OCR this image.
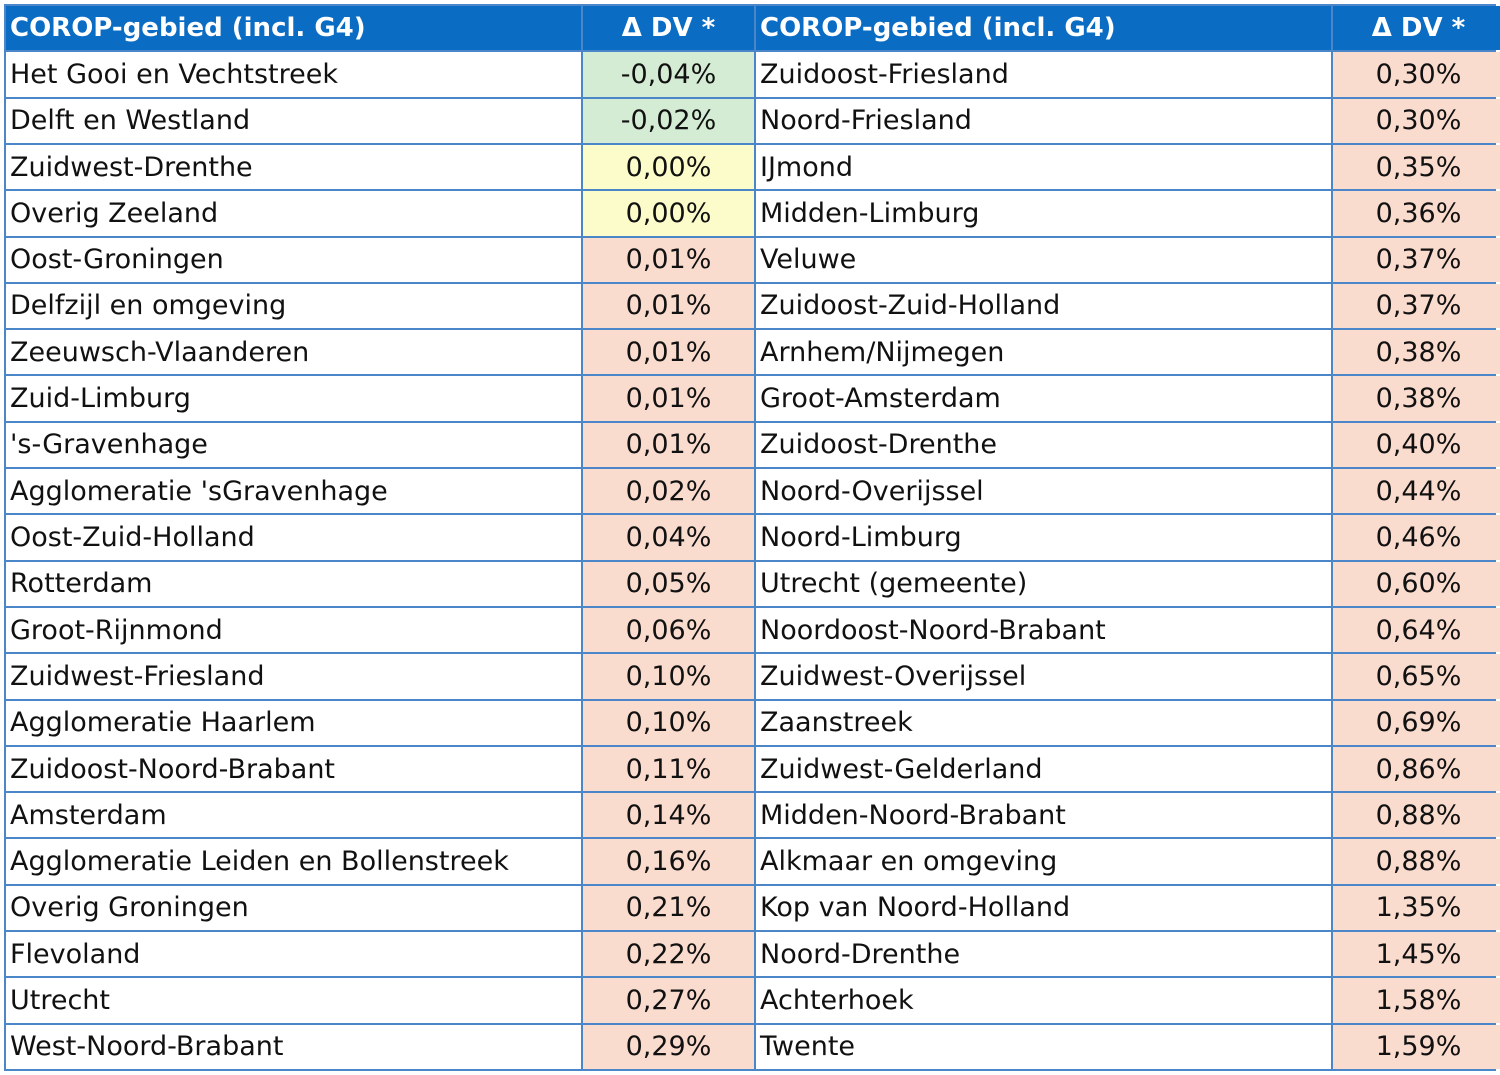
COROP-gebied (incl. G4)	Δ DV *	COROP-gebied (incl. G4)	Δ DV *
Het Gooi en Vechtstreek	-0,04%	Zuidoost-Friesland	0,30%
Delft en Westland	-0,02%	Noord-Friesland	0,30%
Zuidwest-Drenthe	0,00%	IJmond	0,35%
Overig Zeeland	0,00%	Midden-Limburg	0,36%
Oost-Groningen	0,01%	Veluwe	0,37%
Delfzijl en omgeving	0,01%	Zuidoost-Zuid-Holland	0,37%
Zeeuwsch-Vlaanderen	0,01%	Arnhem/Nijmegen	0,38%
Zuid-Limburg	0,01%	Groot-Amsterdam	0,38%
's-Gravenhage	0,01%	Zuidoost-Drenthe	0,40%
Agglomeratie 'sGravenhage	0,02%	Noord-Overijssel	0,44%
Oost-Zuid-Holland	0,04%	Noord-Limburg	0,46%
Rotterdam	0,05%	Utrecht (gemeente)	0,60%
Groot-Rijnmond	0,06%	Noordoost-Noord-Brabant	0,64%
Zuidwest-Friesland	0,10%	Zuidwest-Overijssel	0,65%
Agglomeratie Haarlem	0,10%	Zaanstreek	0,69%
Zuidoost-Noord-Brabant	0,11%	Zuidwest-Gelderland	0,86%
Amsterdam	0,14%	Midden-Noord-Brabant	0,88%
Agglomeratie Leiden en Bollenstreek	0,16%	Alkmaar en omgeving	0,88%
Overig Groningen	0,21%	Kop van Noord-Holland	1,35%
Flevoland	0,22%	Noord-Drenthe	1,45%
Utrecht	0,27%	Achterhoek	1,58%
West-Noord-Brabant	0,29%	Twente	1,59%
